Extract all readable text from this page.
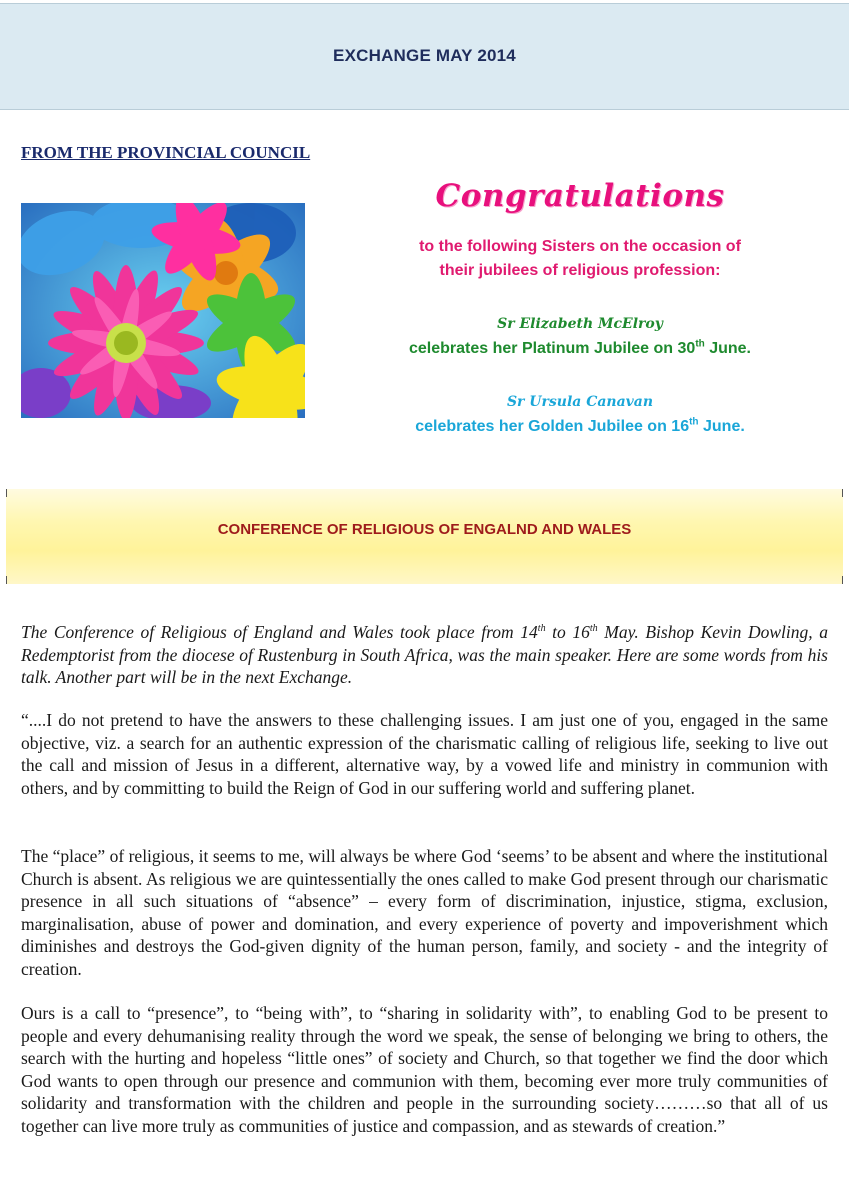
EXCHANGE MAY 2014
FROM THE PROVINCIAL COUNCIL
Congratulations
to the following Sisters on the occasion of
their jubilees of religious profession:
Sr Elizabeth McElroy
celebrates her Platinum Jubilee on 30th June.
Sr Ursula Canavan
celebrates her Golden Jubilee on 16th June.
CONFERENCE OF RELIGIOUS OF ENGALND AND WALES
The Conference of Religious of England and Wales took place from 14th to 16th May. Bishop Kevin Dowling, a Redemptorist from the diocese of Rustenburg in South Africa, was the main speaker. Here are some words from his talk. Another part will be in the next Exchange.
“....I do not pretend to have the answers to these challenging issues. I am just one of you, engaged in the same objective, viz. a search for an authentic expression of the charismatic calling of religious life, seeking to live out the call and mission of Jesus in a different, alternative way, by a vowed life and ministry in communion with others, and by committing to build the Reign of God in our suffering world and suffering planet.
The “place” of religious, it seems to me, will always be where God ‘seems’ to be absent and where the institutional Church is absent. As religious we are quintessentially the ones called to make God present through our charismatic presence in all such situations of “absence” – every form of discrimination, injustice, stigma, exclusion, marginalisation, abuse of power and domination, and every experience of poverty and impoverishment which diminishes and destroys the God-given dignity of the human person, family, and society - and the integrity of creation.
Ours is a call to “presence”, to “being with”, to “sharing in solidarity with”, to enabling God to be present to people and every dehumanising reality through the word we speak, the sense of belonging we bring to others, the search with the hurting and hopeless “little ones” of society and Church, so that together we find the door which God wants to open through our presence and communion with them, becoming ever more truly communities of solidarity and transformation with the children and people in the surrounding society………so that all of us together can live more truly as communities of justice and compassion, and as stewards of creation.”
